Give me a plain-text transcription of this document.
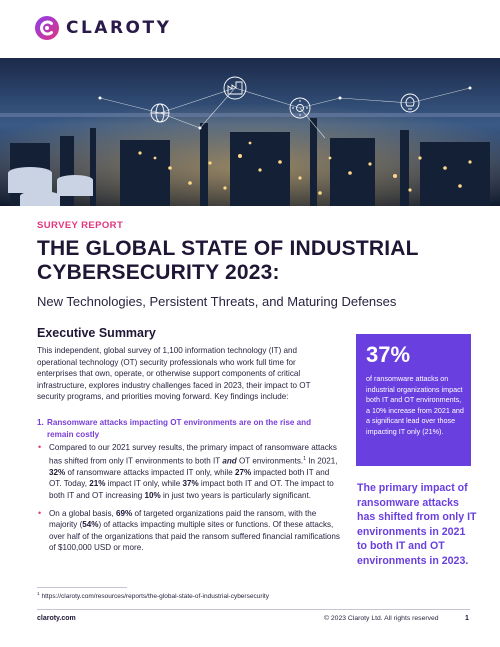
CLAROTY
SURVEY REPORT
THE GLOBAL STATE OF INDUSTRIAL CYBERSECURITY 2023:
New Technologies, Persistent Threats, and Maturing Defenses
Executive Summary

This independent, global survey of 1,100 information technology (IT) and operational technology (OT) security professionals who work full time for enterprises that own, operate, or otherwise support components of critical infrastructure, explores industry challenges faced in 2023, their impact to OT security programs, and priorities moving forward. Key findings include:

1. Ransomware attacks impacting OT environments are on the rise and
remain costly
• Compared to our 2021 survey results, the primary impact of ransomware attacks has shifted from only IT environments to both IT and OT environments.$^1$ In 2021, 32% of ransomware attacks impacted IT only, while 27% impacted both IT and OT. Today, 21% impact IT only, while 37% impact both IT and OT. The impact to both IT and OT increasing 10% in just two years is particularly significant.
• On a global basis, 69% of targeted organizations paid the ransom, with the majority (54%) of attacks impacting multiple sites or functions. Of these attacks, over half of the organizations that paid the ransom suffered financial ramifications of $100,000 USD or more.
37%
of ransomware attacks on industrial organizations impact both IT and OT environments, a 10% increase from 2021 and a significant lead over those impacting IT only (21%).
The primary impact of ransomware attacks has shifted from only IT environments in 2021 to both IT and OT environments in 2023.
$^1$ https://claroty.com/resources/reports/the-global-state-of-industrial-cybersecurity
claroty.com	© 2023 Claroty Ltd. All rights reserved	1
